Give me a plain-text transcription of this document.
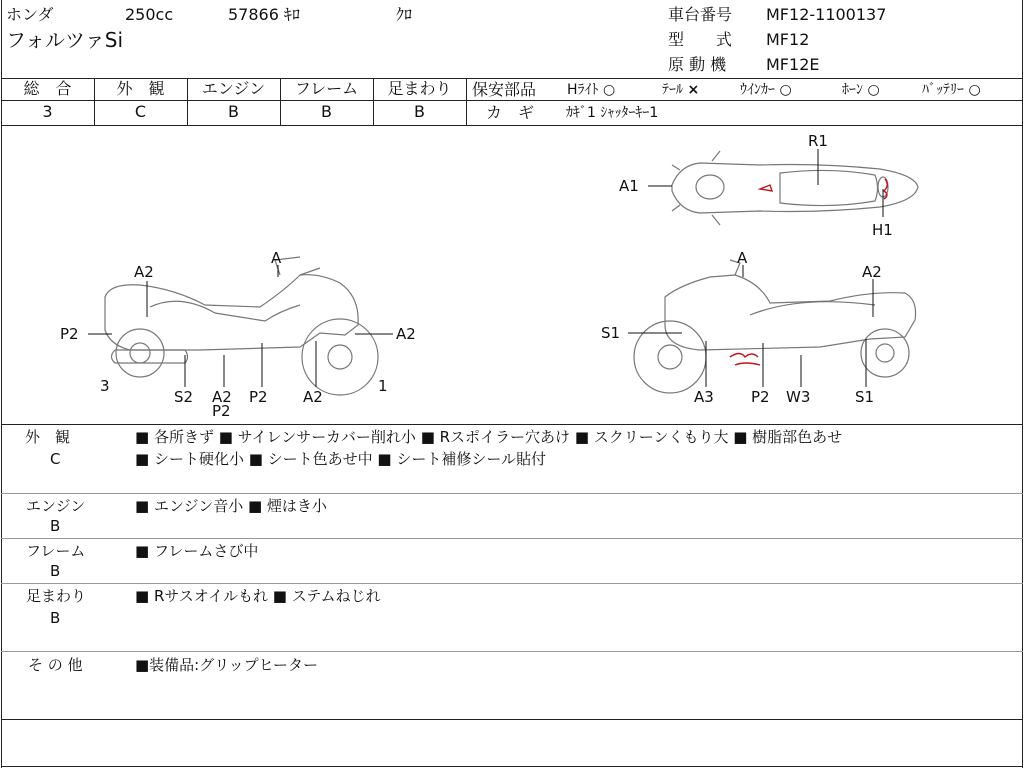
ホンダ	250cc	57866 ｷﾛ	ｸﾛ
フォルツァSi
車台番号 MF12-1100137
型　　式 MF12
原 動 機 MF12E
総　合	外　観	エンジン	フレーム	足まわり
3	C	B	B	B
保安部品 Hﾗｲﾄ ○	ﾃｰﾙ ×	ｳｲﾝｶｰ ○	ﾎｰﾝ ○	ﾊﾞｯﾃﾘｰ ○
カ　ギ ｶｷﾞ1 ｼｬｯﾀｰｷｰ1
R1
A1
H1
A
A2
P2	A2
3
S2 A2
P2
P2 A2
1
A
A2
S1
A3 P2 W3	S1
外　観
C
■ 各所きず ■ サイレンサーカバー削れ小 ■ Rスポイラー穴あけ ■ スクリーンくもり大 ■ 樹脂部色あせ
■ シート硬化小 ■ シート色あせ中 ■ シート補修シール貼付
エンジン
B
■ エンジン音小 ■ 煙はき小
フレーム
B
■ フレームさび中
足まわり
B
■ Rサスオイルもれ ■ ステムねじれ
そ の 他	■装備品:グリップヒーター
